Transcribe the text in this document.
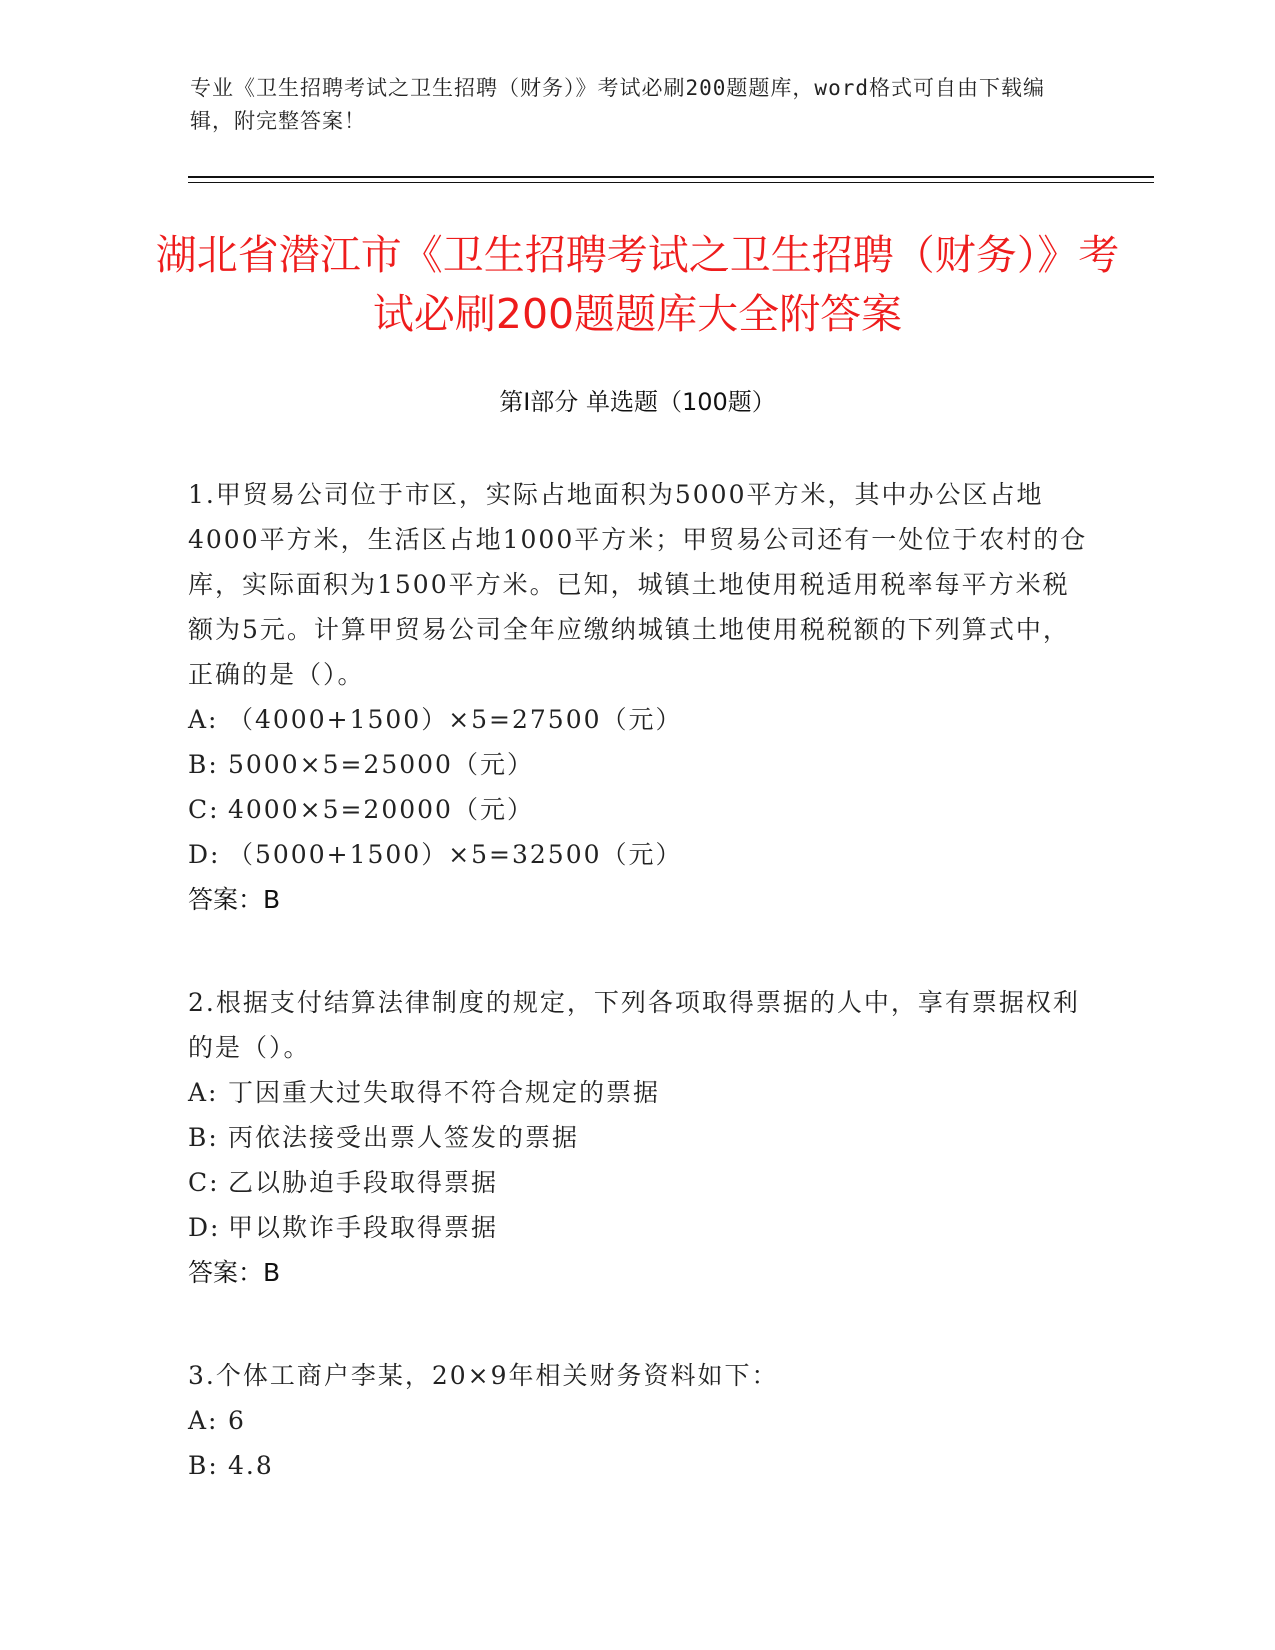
专业《卫生招聘考试之卫生招聘（财务）》考试必刷200题题库，word格式可自由下载编辑，附完整答案！
湖北省潜江市《卫生招聘考试之卫生招聘（财务）》考试必刷200题题库大全附答案
第Ⅰ部分 单选题（100题）

1.甲贸易公司位于市区，实际占地面积为5000平方米，其中办公区占地4000平方米，生活区占地1000平方米；甲贸易公司还有一处位于农村的仓库，实际面积为1500平方米。已知，城镇土地使用税适用税率每平方米税额为5元。计算甲贸易公司全年应缴纳城镇土地使用税税额的下列算式中，正确的是（）。

A: （4000+1500）×5=27500（元）
B: 5000×5=25000（元）
C: 4000×5=20000（元）
D: （5000+1500）×5=32500（元）
答案：B

2.根据支付结算法律制度的规定，下列各项取得票据的人中，享有票据权利的是（）。

A: 丁因重大过失取得不符合规定的票据
B: 丙依法接受出票人签发的票据
C: 乙以胁迫手段取得票据
D: 甲以欺诈手段取得票据
答案：B

3.个体工商户李某，20×9年相关财务资料如下：

A: 6
B: 4.8
